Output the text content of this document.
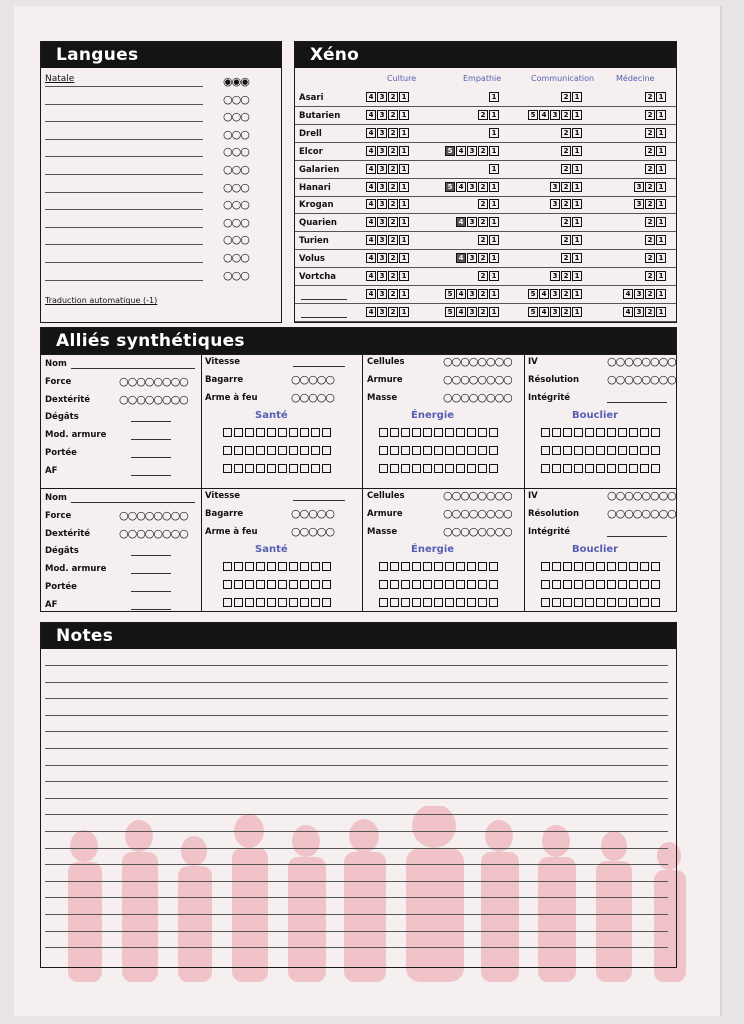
Langues
Natale	◉◉◉
○○○
○○○
○○○
○○○
○○○
○○○
○○○
○○○
○○○
○○○
○○○
Traduction automatique (-1)
Xéno
Culture	Empathie	Communication	Médecine
Asari	4 3 2 1	1	2 1	2 1
Butarien	4 3 2 1	2 1	5 4 3 2 1	2 1
Drell	4 3 2 1	1	2 1	2 1
Elcor	4 3 2 1	5 4 3 2 1	2 1	2 1
Galarien	4 3 2 1	1	2 1	2 1
Hanari	4 3 2 1	5 4 3 2 1	3 2 1	3 2 1
Krogan	4 3 2 1	2 1	3 2 1	3 2 1
Quarien	4 3 2 1	4 3 2 1	2 1	2 1
Turien	4 3 2 1	2 1	2 1	2 1
Volus	4 3 2 1	4 3 2 1	2 1	2 1
Vortcha	4 3 2 1	2 1	3 2 1	2 1
4 3 2 1	5 4 3 2 1	5 4 3 2 1	4 3 2 1
4 3 2 1	5 4 3 2 1	5 4 3 2 1	4 3 2 1
Alliés synthétiques
Nom
Force	○○○○○○○○
Dextérité	○○○○○○○○
Dégâts
Mod. armure
Portée
AF
Vitesse
Bagarre	○○○○○
Arme à feu	○○○○○
Cellules	○○○○○○○○
Armure	○○○○○○○○
Masse	○○○○○○○○
IV	○○○○○○○○
Résolution	○○○○○○○○
Intégrité
Santé	Énergie	Bouclier
Nom
Force	○○○○○○○○
Dextérité	○○○○○○○○
Dégâts
Mod. armure
Portée
AF
Vitesse
Bagarre	○○○○○
Arme à feu	○○○○○
Cellules	○○○○○○○○
Armure	○○○○○○○○
Masse	○○○○○○○○
IV	○○○○○○○○
Résolution	○○○○○○○○
Intégrité
Santé	Énergie	Bouclier
Notes
